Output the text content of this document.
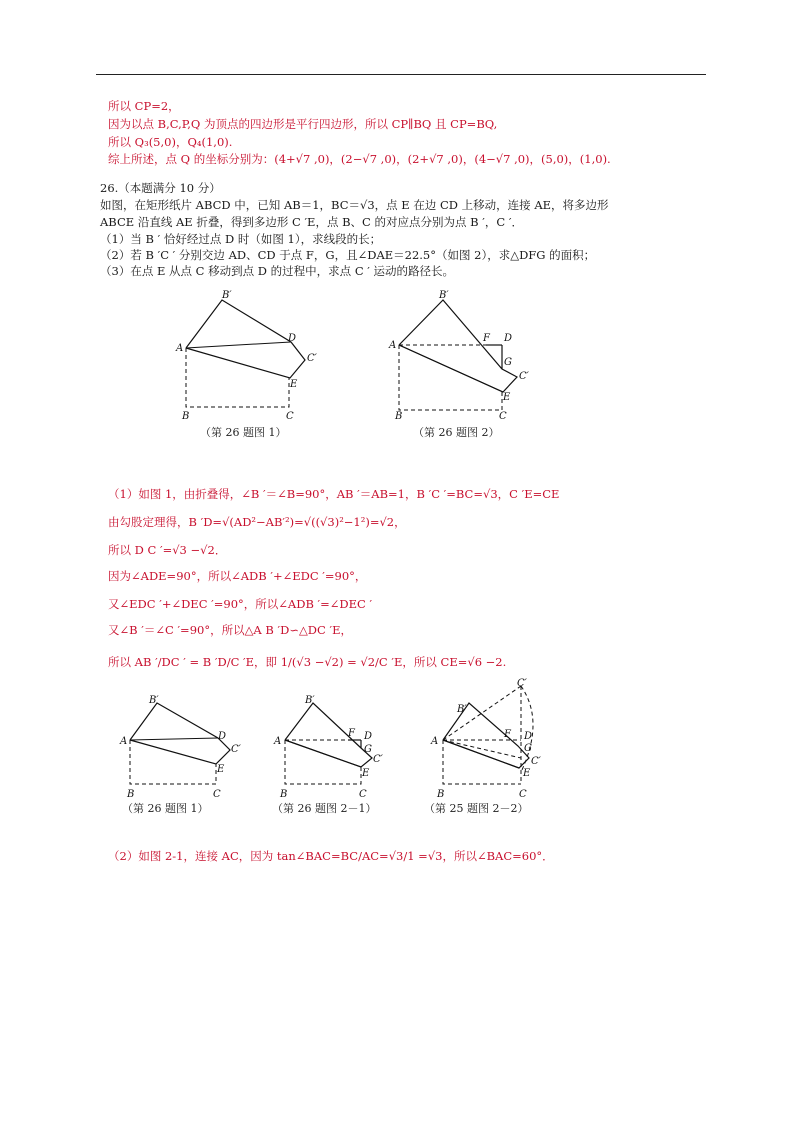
所以 CP=2，
因为以点 B,C,P,Q 为顶点的四边形是平行四边形，所以 CP∥BQ 且 CP=BQ,
所以 Q₃(5,0)，Q₄(1,0).
综上所述，点 Q 的坐标分别为：(4+√7 ,0)，(2−√7 ,0)，(2+√7 ,0)，(4−√7 ,0)，(5,0)，(1,0).
26.（本题满分 10 分）
如图，在矩形纸片 ABCD 中，已知 AB＝1，BC＝√3，点 E 在边 CD 上移动，连接 AE，将多边形
ABCE 沿直线 AE 折叠，得到多边形 C ′E，点 B、C 的对应点分别为点 B ′，C ′．
（1）当 B ′ 恰好经过点 D 时（如图 1），求线段的长；
（2）若 B ′C ′ 分别交边 AD、CD 于点 F，G，且∠DAE＝22.5°（如图 2），求△DFG 的面积；
（3）在点 E 从点 C 移动到点 D 的过程中，求点 C ′ 运动的路径长。
A
B′
D
C′
E
B	C
（第 26 题图 1）
A
B′
F D
G
C′
E
B	C
（第 26 题图 2）
（1）如图 1，由折叠得，∠B ′＝∠B=90°，AB ′＝AB=1，B ′C ′=BC=√3，C ′E=CE
由勾股定理得，B ′D=√(AD²−AB′²)=√((√3)²−1²)=√2，
所以 D C ′=√3 −√2．
因为∠ADE=90°，所以∠ADB ′+∠EDC ′=90°，
又∠EDC ′+∠DEC ′=90°，所以∠ADB ′=∠DEC ′
又∠B ′＝∠C ′=90°，所以△A B ′D∽△DC ′E，
所以 AB ′/DC ′ = B ′D/C ′E，即 1/(√3 −√2) = √2/C ′E，所以 CE=√6 −2.
A
B′
D
C′
E
B	C
（第 26 题图 1）
A
B′
F D
G
C′
E
B	C
（第 26 题图 2－1）
A
B′
C′
F D
G
C′
E
B	C
（第 25 题图 2－2）
（2）如图 2-1，连接 AC，因为 tan∠BAC=BC/AC=√3/1 =√3，所以∠BAC=60°．
